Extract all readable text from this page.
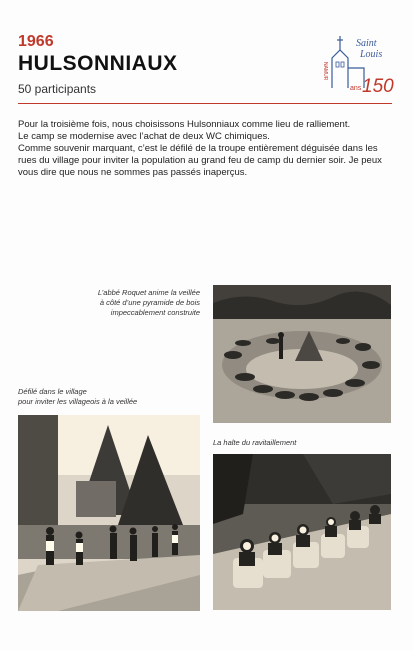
1966
HULSONNIAUX
50 participants
Saint
Louis
NAMUR
ans 150

Pour la troisième fois, nous choisissons Hulsonniaux comme lieu de ralliement.

Le camp se modernise avec l’achat de deux WC chimiques.

Comme souvenir marquant, c’est le défilé de la troupe entièrement déguisée dans les rues du village pour inviter la population au grand feu de camp du dernier soir. Je peux vous dire que nous ne sommes pas passés inaperçus.

L’abbé Roquet anime la veillée
à côté d’une pyramide de bois
impeccablement construite
Défilé dans le village
pour inviter les villageois à la veillée
La halte du ravitaillement
